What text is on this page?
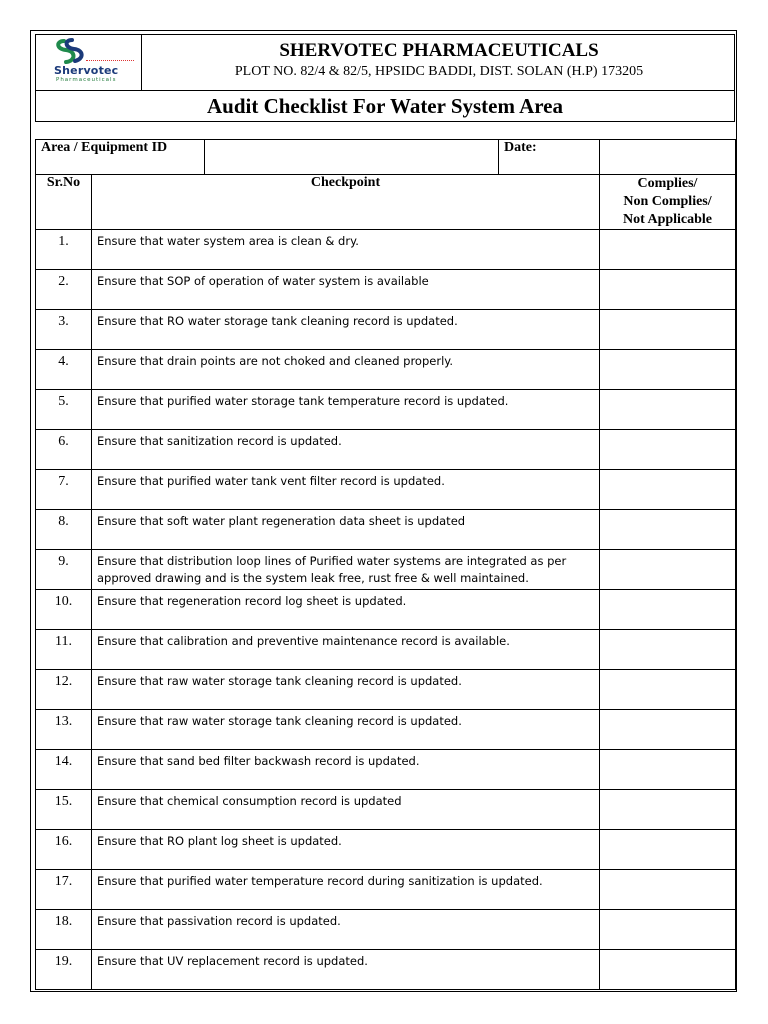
Shervotec
Pharmaceuticals
SHERVOTEC PHARMACEUTICALS
PLOT NO. 82/4 & 82/5, HPSIDC BADDI, DIST. SOLAN (H.P) 173205
Audit Checklist For Water System Area
Area / Equipment ID			Date:	
Sr.No	Checkpoint			Complies/
Non Complies/
Not Applicable

1.	Ensure that water system area is clean & dry.			
2.	Ensure that SOP of operation of water system is available			
3.	Ensure that RO water storage tank cleaning record is updated.			
4.	Ensure that drain points are not choked and cleaned properly.			
5.	Ensure that purified water storage tank temperature record is updated.			
6.	Ensure that sanitization record is updated.			
7.	Ensure that purified water tank vent filter record is updated.			
8.	Ensure that soft water plant regeneration data sheet is updated			
9.	Ensure that distribution loop lines of Purified water systems are integrated as per approved drawing and is the system leak free, rust free & well maintained.			
10.	Ensure that regeneration record log sheet is updated.			
11.	Ensure that calibration and preventive maintenance record is available.			
12.	Ensure that raw water storage tank cleaning record is updated.			
13.	Ensure that raw water storage tank cleaning record is updated.			
14.	Ensure that sand bed filter backwash record is updated.			
15.	Ensure that chemical consumption record is updated			
16.	Ensure that RO plant log sheet is updated.			
17.	Ensure that purified water temperature record during sanitization is updated.			
18.	Ensure that passivation record is updated.			
19.	Ensure that UV replacement record is updated.			
